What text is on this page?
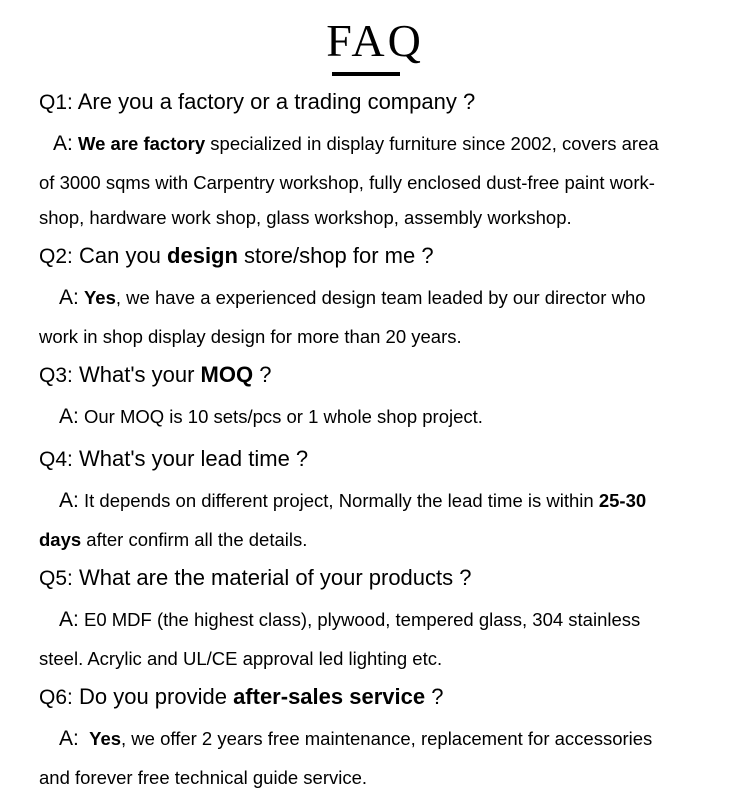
FAQ
Q1: Are you a factory or a trading company ?
A: We are factory specialized in display furniture since 2002, covers area
of 3000 sqms with Carpentry workshop, fully enclosed dust-free paint work-
shop, hardware work shop, glass workshop, assembly workshop.
Q2: Can you design store/shop for me ?
A: Yes, we have a experienced design team leaded by our director who
work in shop display design for more than 20 years.
Q3: What's your MOQ ?
A: Our MOQ is 10 sets/pcs or 1 whole shop project.
Q4: What's your lead time ?
A: It depends on different project, Normally the lead time is within 25-30
days after confirm all the details.
Q5: What are the material of your products ?
A: E0 MDF (the highest class), plywood, tempered glass, 304 stainless
steel. Acrylic and UL/CE approval led lighting etc.
Q6: Do you provide after-sales service ?
A: Yes, we offer 2 years free maintenance, replacement for accessories
and forever free technical guide service.
